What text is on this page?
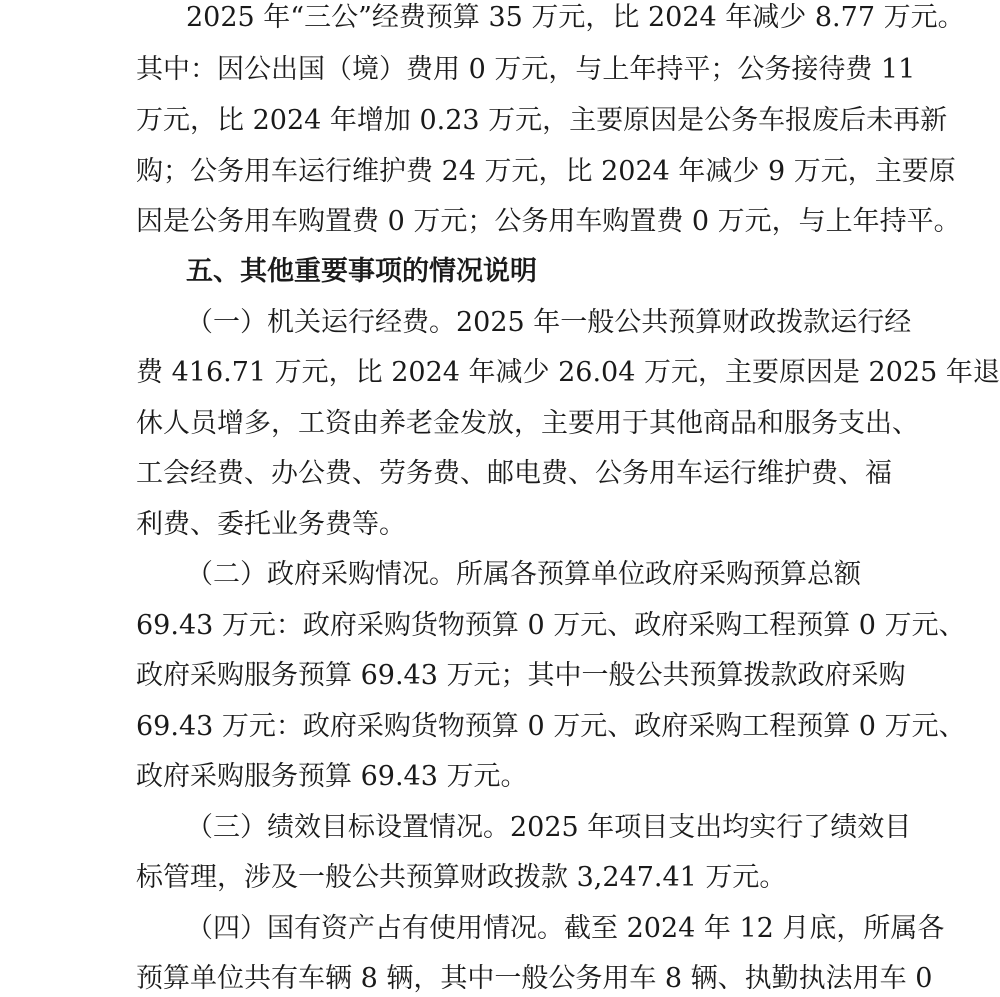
2025 年“三公”经费预算 35 万元，比 2024 年减少 8.77 万元。
其中：因公出国（境）费用 0 万元，与上年持平；公务接待费 11
万元，比 2024 年增加 0.23 万元，主要原因是公务车报废后未再新
购；公务用车运行维护费 24 万元，比 2024 年减少 9 万元，主要原
因是公务用车购置费 0 万元；公务用车购置费 0 万元，与上年持平。
五、其他重要事项的情况说明
（一）机关运行经费。2025 年一般公共预算财政拨款运行经
费 416.71 万元，比 2024 年减少 26.04 万元，主要原因是 2025 年退
休人员增多，工资由养老金发放，主要用于其他商品和服务支出、
工会经费、办公费、劳务费、邮电费、公务用车运行维护费、福
利费、委托业务费等。
（二）政府采购情况。所属各预算单位政府采购预算总额
69.43 万元：政府采购货物预算 0 万元、政府采购工程预算 0 万元、
政府采购服务预算 69.43 万元；其中一般公共预算拨款政府采购
69.43 万元：政府采购货物预算 0 万元、政府采购工程预算 0 万元、
政府采购服务预算 69.43 万元。
（三）绩效目标设置情况。2025 年项目支出均实行了绩效目
标管理，涉及一般公共预算财政拨款 3,247.41 万元。
（四）国有资产占有使用情况。截至 2024 年 12 月底，所属各
预算单位共有车辆 8 辆，其中一般公务用车 8 辆、执勤执法用车 0
